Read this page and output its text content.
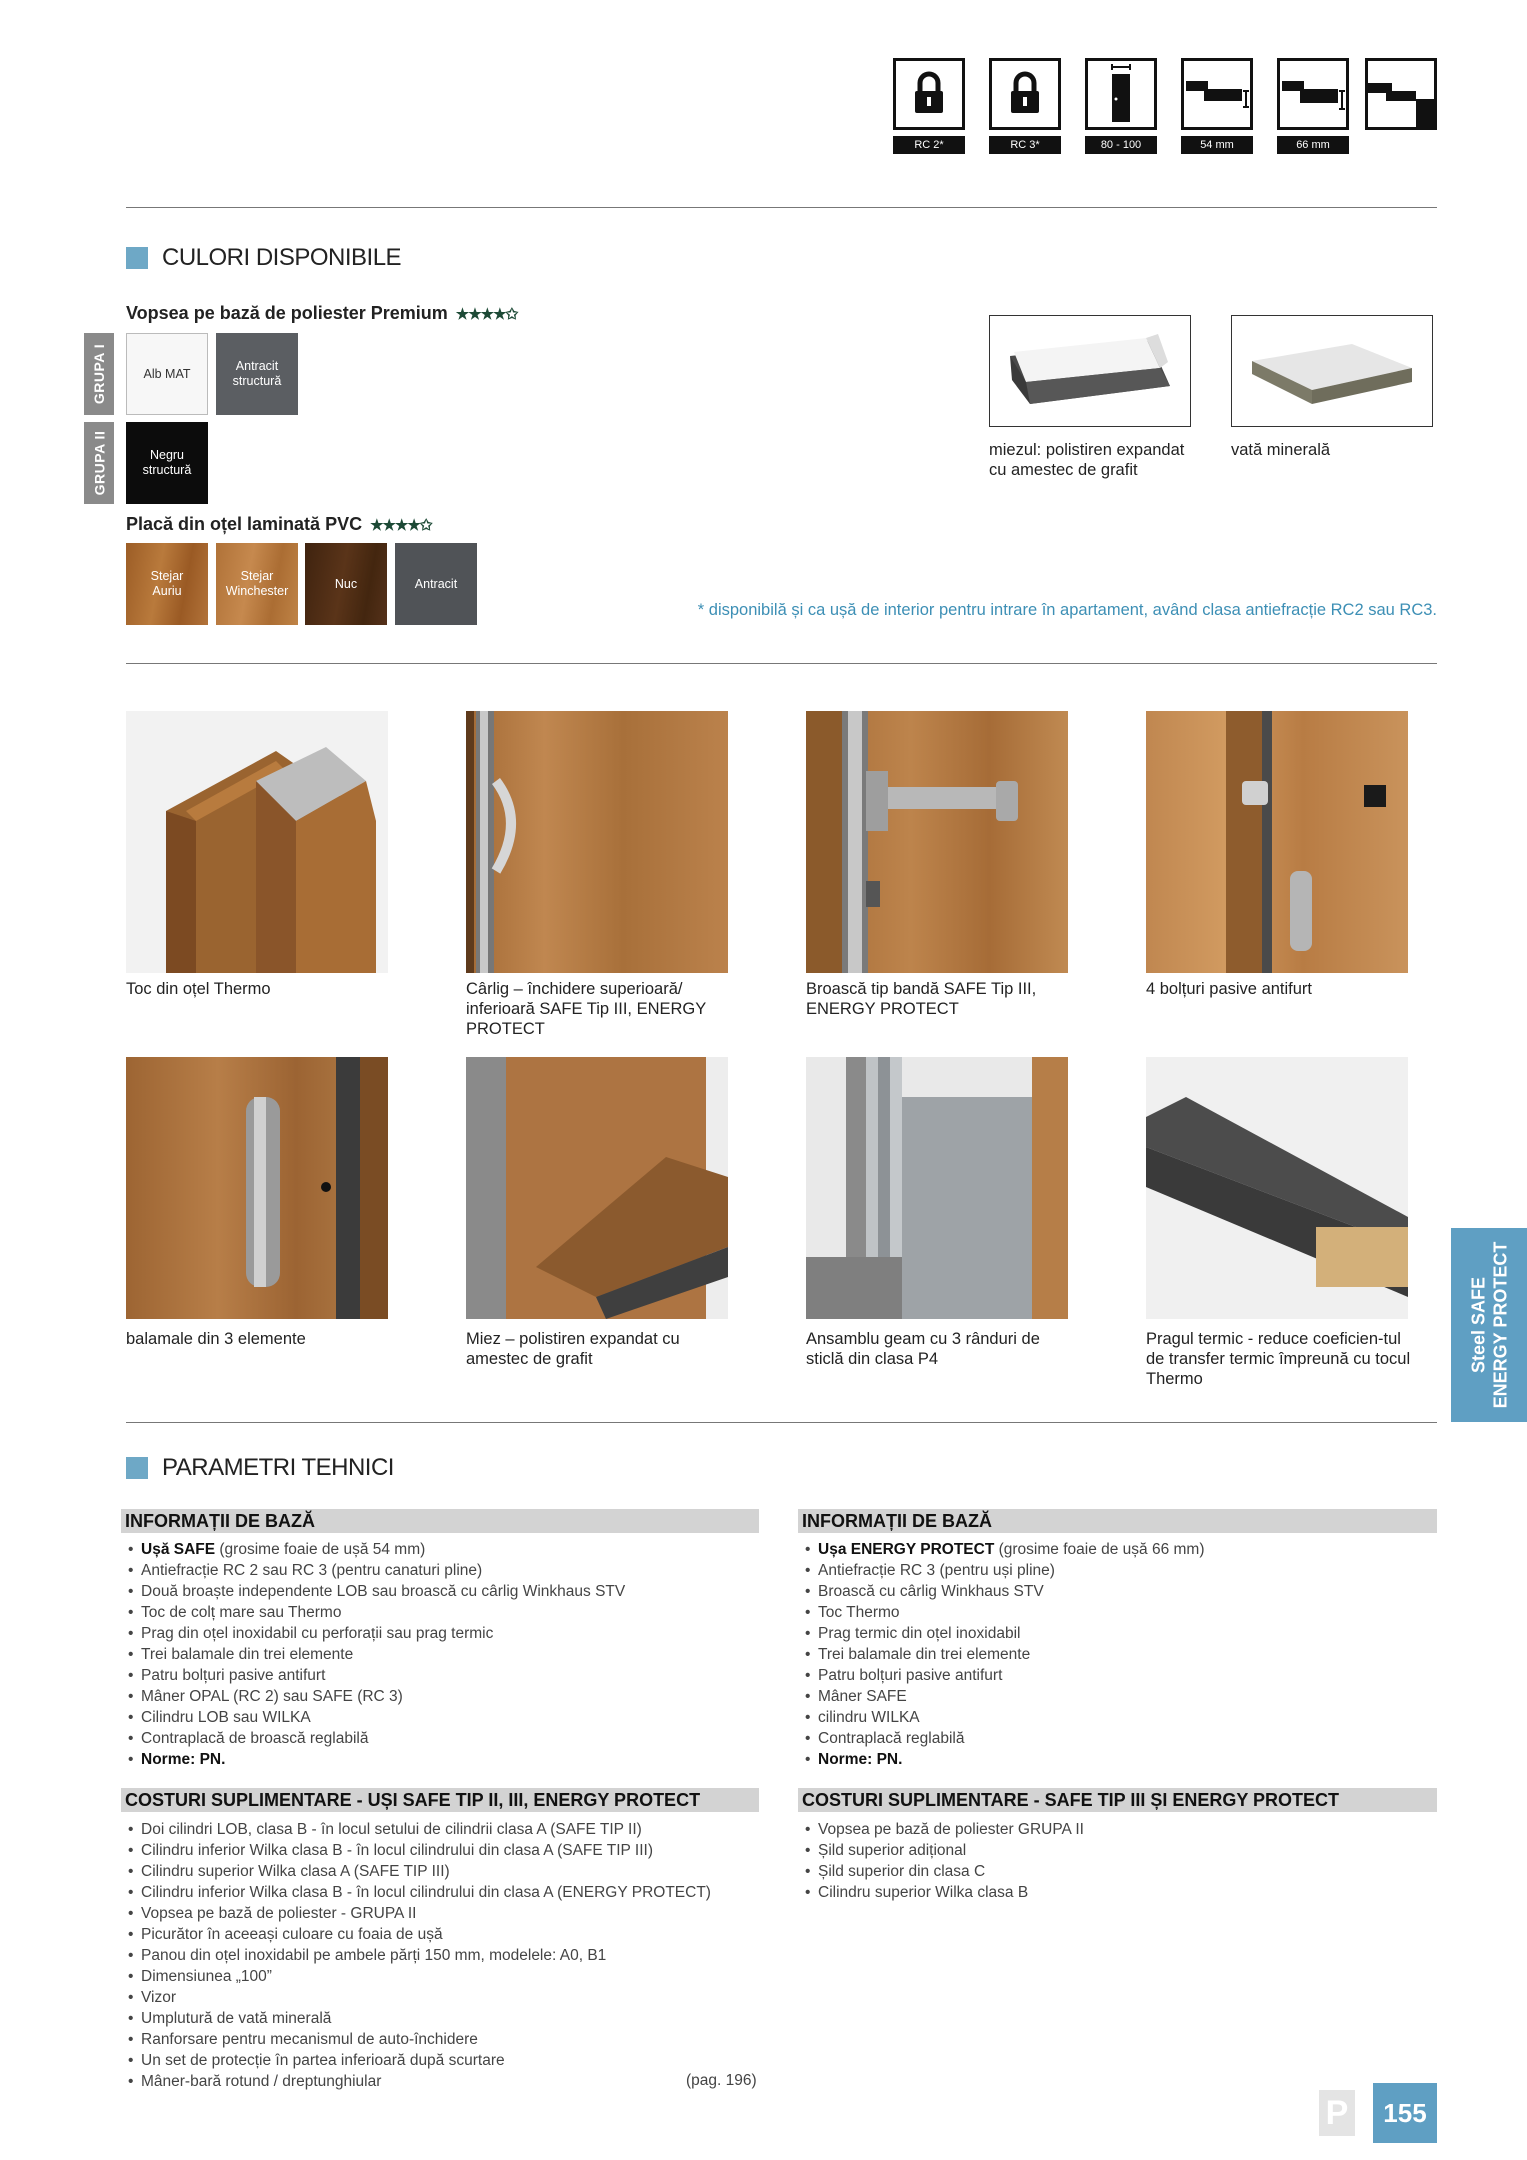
RC 2*	RC 3*	80 - 100	54 mm	66 mm
CULORI DISPONIBILE
Vopsea pe bază de poliester Premium ★★★★✩
GRUPA I
GRUPA II
Alb MAT
Antracit structură
Negru structură
Placă din oțel laminată PVC ★★★★✩
Stejar Auriu
Stejar Winchester
Nuc	Antracit
miezul: polistiren expandat cu amestec de grafit
vată minerală
* disponibilă și ca ușă de interior pentru intrare în apartament, având clasa antiefracție RC2 sau RC3.
Toc din oțel Thermo	Cârlig – închidere superioară/ inferioară SAFE Tip III, ENERGY PROTECT
Broască tip bandă SAFE Tip III, ENERGY PROTECT
4 bolțuri pasive antifurt
balamale din 3 elemente	Miez – polistiren expandat cu amestec de grafit
Ansamblu geam cu 3 rânduri de sticlă din clasa P4
Pragul termic - reduce coeficien-tul de transfer termic împreună cu tocul Thermo
PARAMETRI TEHNICI
INFORMAȚII DE BAZĂ
• Ușă SAFE (grosime foaie de ușă 54 mm)
• Antiefracție RC 2 sau RC 3 (pentru canaturi pline)
• Două broaște independente LOB sau broască cu cârlig Winkhaus STV
• Toc de colț mare sau Thermo
• Prag din oțel inoxidabil cu perforații sau prag termic
• Trei balamale din trei elemente
• Patru bolțuri pasive antifurt
• Mâner OPAL (RC 2) sau SAFE (RC 3)
• Cilindru LOB sau WILKA
• Contraplacă de broască reglabilă
• Norme: PN.
COSTURI SUPLIMENTARE - UȘI SAFE TIP II, III, ENERGY PROTECT
• Doi cilindri LOB, clasa B - în locul setului de cilindrii clasa A (SAFE TIP II)
• Cilindru inferior Wilka clasa B - în locul cilindrului din clasa A (SAFE TIP III)
• Cilindru superior Wilka clasa A (SAFE TIP III)
• Cilindru inferior Wilka clasa B - în locul cilindrului din clasa A (ENERGY PROTECT)
• Vopsea pe bază de poliester - GRUPA II
• Picurător în aceeași culoare cu foaia de ușă
• Panou din oțel inoxidabil pe ambele părți 150 mm, modelele: A0, B1
• Dimensiunea „100”
• Vizor
• Umplutură de vată minerală
• Ranforsare pentru mecanismul de auto-închidere
• Un set de protecție în partea inferioară după scurtare
• Mâner-bară rotund / dreptunghiular	(pag. 196)
INFORMAȚII DE BAZĂ
• Ușa ENERGY PROTECT (grosime foaie de ușă 66 mm)
• Antiefracție RC 3 (pentru uși pline)
• Broască cu cârlig Winkhaus STV
• Toc Thermo
• Prag termic din oțel inoxidabil
• Trei balamale din trei elemente
• Patru bolțuri pasive antifurt
• Mâner SAFE
• cilindru WILKA
• Contraplacă reglabilă
• Norme: PN.
COSTURI SUPLIMENTARE - SAFE TIP III ȘI ENERGY PROTECT
• Vopsea pe bază de poliester GRUPA II
• Șild superior adițional
• Șild superior din clasa C
• Cilindru superior Wilka clasa B
Steel SAFE ENERGY PROTECT
P	155
